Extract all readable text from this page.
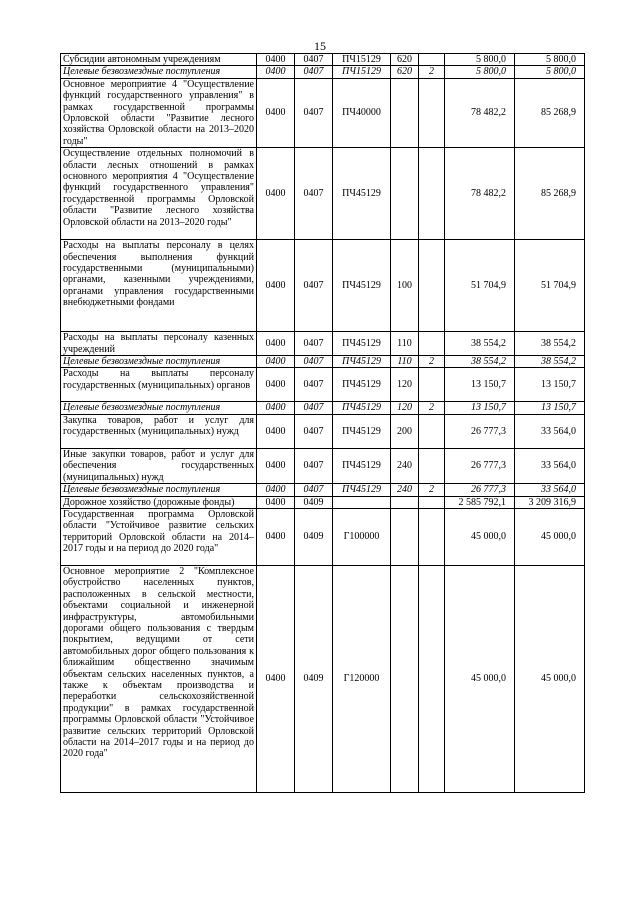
15
Субсидии автономным учреждениям	0400	0407	ПЧ15129	620		5 800,0	5 800,0
Целевые безвозмездные поступления	0400	0407	ПЧ15129	620	2	5 800,0	5 800,0
Основное мероприятие 4 "Осуществление функций государственного управления" в рамках государственной программы Орловской области "Развитие лесного хозяйства Орловской области на 2013–2020 годы"	0400	0407	ПЧ40000			78 482,2	85 268,9
Осуществление отдельных полномочий в области лесных отношений в рамках основного мероприятия 4 "Осуществление функций государственного управления" государственной программы Орловской области "Развитие лесного хозяйства Орловской области на 2013–2020 годы"	0400	0407	ПЧ45129			78 482,2	85 268,9
Расходы на выплаты персоналу в целях обеспечения выполнения функций государственными (муниципальными) органами, казенными учреждениями, органами управления государственными внебюджетными фондами	0400	0407	ПЧ45129	100		51 704,9	51 704,9
Расходы на выплаты персоналу казенных учреждений	0400	0407	ПЧ45129	110		38 554,2	38 554,2
Целевые безвозмездные поступления	0400	0407	ПЧ45129	110	2	38 554,2	38 554,2
Расходы на выплаты персоналу государственных (муниципальных) органов	0400	0407	ПЧ45129	120		13 150,7	13 150,7
Целевые безвозмездные поступления	0400	0407	ПЧ45129	120	2	13 150,7	13 150,7
Закупка товаров, работ и услуг для государственных (муниципальных) нужд	0400	0407	ПЧ45129	200		26 777,3	33 564,0
Иные закупки товаров, работ и услуг для обеспечения государственных (муниципальных) нужд	0400	0407	ПЧ45129	240		26 777,3	33 564,0
Целевые безвозмездные поступления	0400	0407	ПЧ45129	240	2	26 777,3	33 564,0
Дорожное хозяйство (дорожные фонды)	0400	0409				2 585 792,1	3 209 316,9
Государственная программа Орловской области "Устойчивое развитие сельских территорий Орловской области на 2014–2017 годы и на период до 2020 года"	0400	0409	Г100000			45 000,0	45 000,0
Основное мероприятие 2 "Комплексное обустройство населенных пунктов, расположенных в сельской местности, объектами социальной и инженерной инфраструктуры, автомобильными дорогами общего пользования с твердым покрытием, ведущими от сети автомобильных дорог общего пользования к ближайшим общественно значимым объектам сельских населенных пунктов, а также к объектам производства и переработки сельскохозяйственной продукции" в рамках государственной программы Орловской области "Устойчивое развитие сельских территорий Орловской области на 2014–2017 годы и на период до 2020 года"	0400	0409	Г120000			45 000,0	45 000,0
